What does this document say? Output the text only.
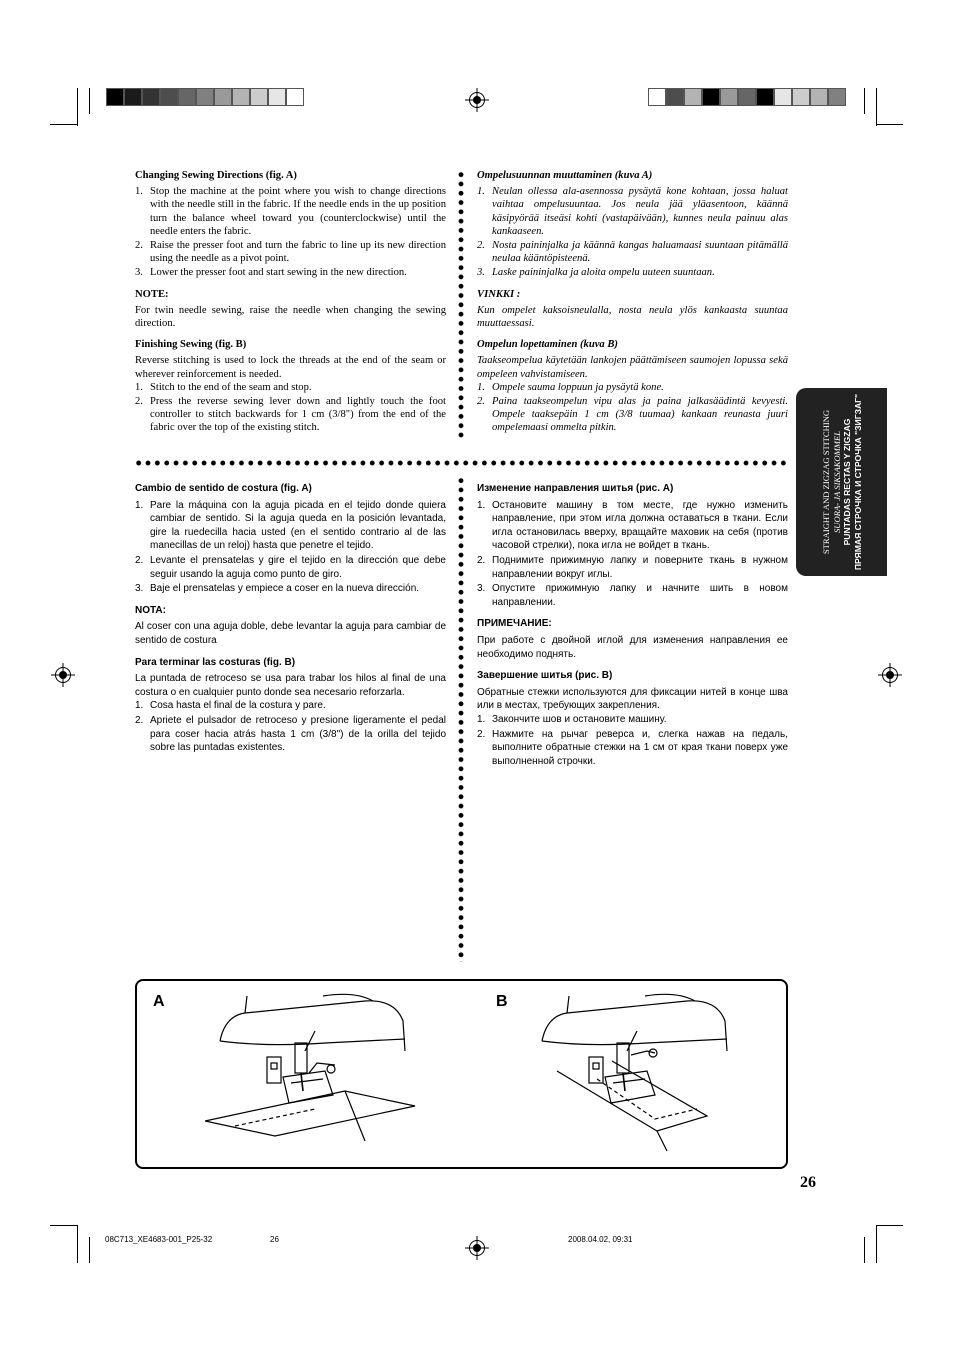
Changing Sewing Directions (fig. A)
1. Stop the machine at the point where you wish to change directions with the needle still in the fabric. If the needle ends in the up position turn the balance wheel toward you (counterclockwise) until the needle enters the fabric.
2. Raise the presser foot and turn the fabric to line up its new direction using the needle as a pivot point.
3. Lower the presser foot and start sewing in the new direction.
NOTE:

For twin needle sewing, raise the needle when changing the sewing direction.

Finishing Sewing (fig. B)

Reverse stitching is used to lock the threads at the end of the seam or wherever reinforcement is needed.

1. Stitch to the end of the seam and stop.
2. Press the reverse sewing lever down and lightly touch the foot controller to stitch backwards for 1 cm (3/8") from the end of the fabric over the top of the existing stitch.
Ompelusuunnan muuttaminen (kuva A)
1. Neulan ollessa ala-asennossa pysäytä kone kohtaan, jossa haluat vaihtaa ompelusuuntaa. Jos neula jää yläasentoon, käännä käsipyörää itseäsi kohti (vastapäivään), kunnes neula painuu alas kankaaseen.
2. Nosta paininjalka ja käännä kangas haluamaasi suuntaan pitämällä neulaa kääntöpisteenä.
3. Laske paininjalka ja aloita ompelu uuteen suuntaan.
VINKKI :

Kun ompelet kaksoisneulalla, nosta neula ylös kankaasta suuntaa muuttaessasi.

Ompelun lopettaminen (kuva B)

Taakseompelua käytetään lankojen päättämiseen saumojen lopussa sekä ompeleen vahvistamiseen.

1. Ompele sauma loppuun ja pysäytä kone.
2. Paina taakseompelun vipu alas ja paina jalkasäädintä kevyesti. Ompele taaksepäin 1 cm (3/8 tuumaa) kankaan reunasta juuri ompelemaasi ommelta pitkin.
Cambio de sentido de costura (fig. A)
1. Pare la máquina con la aguja picada en el tejido donde quiera cambiar de sentido. Si la aguja queda en la posición levantada, gire la ruedecilla hacia usted (en el sentido contrario al de las manecillas de un reloj) hasta que penetre el tejido.
2. Levante el prensatelas y gire el tejido en la dirección que debe seguir usando la aguja como punto de giro.
3. Baje el prensatelas y empiece a coser en la nueva dirección.
NOTA:

Al coser con una aguja doble, debe levantar la aguja para cambiar de sentido de costura

Para terminar las costuras (fig. B)

La puntada de retroceso se usa para trabar los hilos al final de una costura o en cualquier punto donde sea necesario reforzarla.

1. Cosa hasta el final de la costura y pare.
2. Apriete el pulsador de retroceso y presione ligeramente el pedal para coser hacia atrás hasta 1 cm (3/8") de la orilla del tejido sobre las puntadas existentes.
Изменение направления шитья (рис. A)
1. Остановите машину в том месте, где нужно изменить направление, при этом игла должна оставаться в ткани. Если игла остановилась вверху, вращайте маховик на себя (против часовой стрелки), пока игла не войдет в ткань.
2. Поднимите прижимную лапку и поверните ткань в нужном направлении вокруг иглы.
3. Опустите прижимную лапку и начните шить в новом направлении.
ПРИМЕЧАНИЕ:

При работе с двойной иглой для изменения направления ее необходимо поднять.

Завершение шитья (рис. B)

Обратные стежки используются для фиксации нитей в конце шва или в местах, требующих закрепления.

1. Закончите шов и остановите машину.
2. Нажмите на рычаг реверса и, слегка нажав на педаль, выполните обратные стежки на 1 см от края ткани поверх уже выполненной строчки.
STRAIGHT AND ZIGZAG STITCHING SUORA- JA SIKSAKOMMEL PUNTADAS RECTAS Y ZIGZAG ПРЯМАЯ СТРОЧКА И СТРОЧКА "ЗИГЗАГ"
A	B
26
08C713_XE4683-001_P25-32	26	2008.04.02, 09:31
